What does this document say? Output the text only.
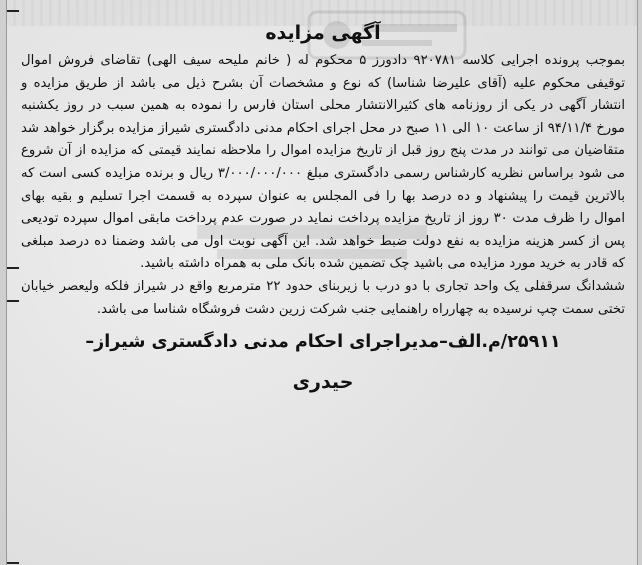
آگهی مزایده

بموجب پرونده اجرایی کلاسه ۹۲۰۷۸۱ دادورز ۵ محکوم له ( خانم ملیحه سیف الهی) تقاضای فروش اموال توقیفی محکوم علیه (آقای علیرضا شناسا) که نوع و مشخصات آن بشرح ذیل می باشد از طریق مزایده و انتشار آگهی در یکی از روزنامه های کثیرالانتشار محلی استان فارس را نموده به همین سبب در روز یکشنبه مورخ ۹۴/۱۱/۴ از ساعت ۱۰ الی ۱۱ صبح در محل اجرای احکام مدنی دادگستری شیراز مزایده برگزار خواهد شد متقاضیان می توانند در مدت پنج روز قبل از تاریخ مزایده اموال را ملاحظه نمایند قیمتی که مزایده از آن شروع می شود براساس نظریه کارشناس رسمی دادگستری مبلغ ۳/۰۰۰/۰۰۰/۰۰۰ ریال و برنده مزایده کسی است که بالاترین قیمت را پیشنهاد و ده درصد بها را فی المجلس به عنوان سپرده به قسمت اجرا تسلیم و بقیه بهای اموال را ظرف مدت ۳۰ روز از تاریخ مزایده پرداخت نماید در صورت عدم پرداخت مابقی اموال سپرده تودیعی پس از کسر هزینه مزایده به نفع دولت ضبط خواهد شد. این آگهی نوبت اول می باشد وضمنا ده درصد مبلغی که قادر به خرید مورد مزایده می باشید چک تضمین شده بانک ملی به همراه داشته باشید.

ششدانگ سرقفلی یک واحد تجاری با دو درب با زیربنای حدود ۲۲ مترمربع واقع در شیراز فلکه ولیعصر خیابان تختی سمت چپ نرسیده به چهارراه راهنمایی جنب شرکت زرین دشت فروشگاه شناسا می باشد.

۲۵۹۱۱/م.الف–مدیراجرای احکام مدنی دادگستری شیراز–
حیدری
